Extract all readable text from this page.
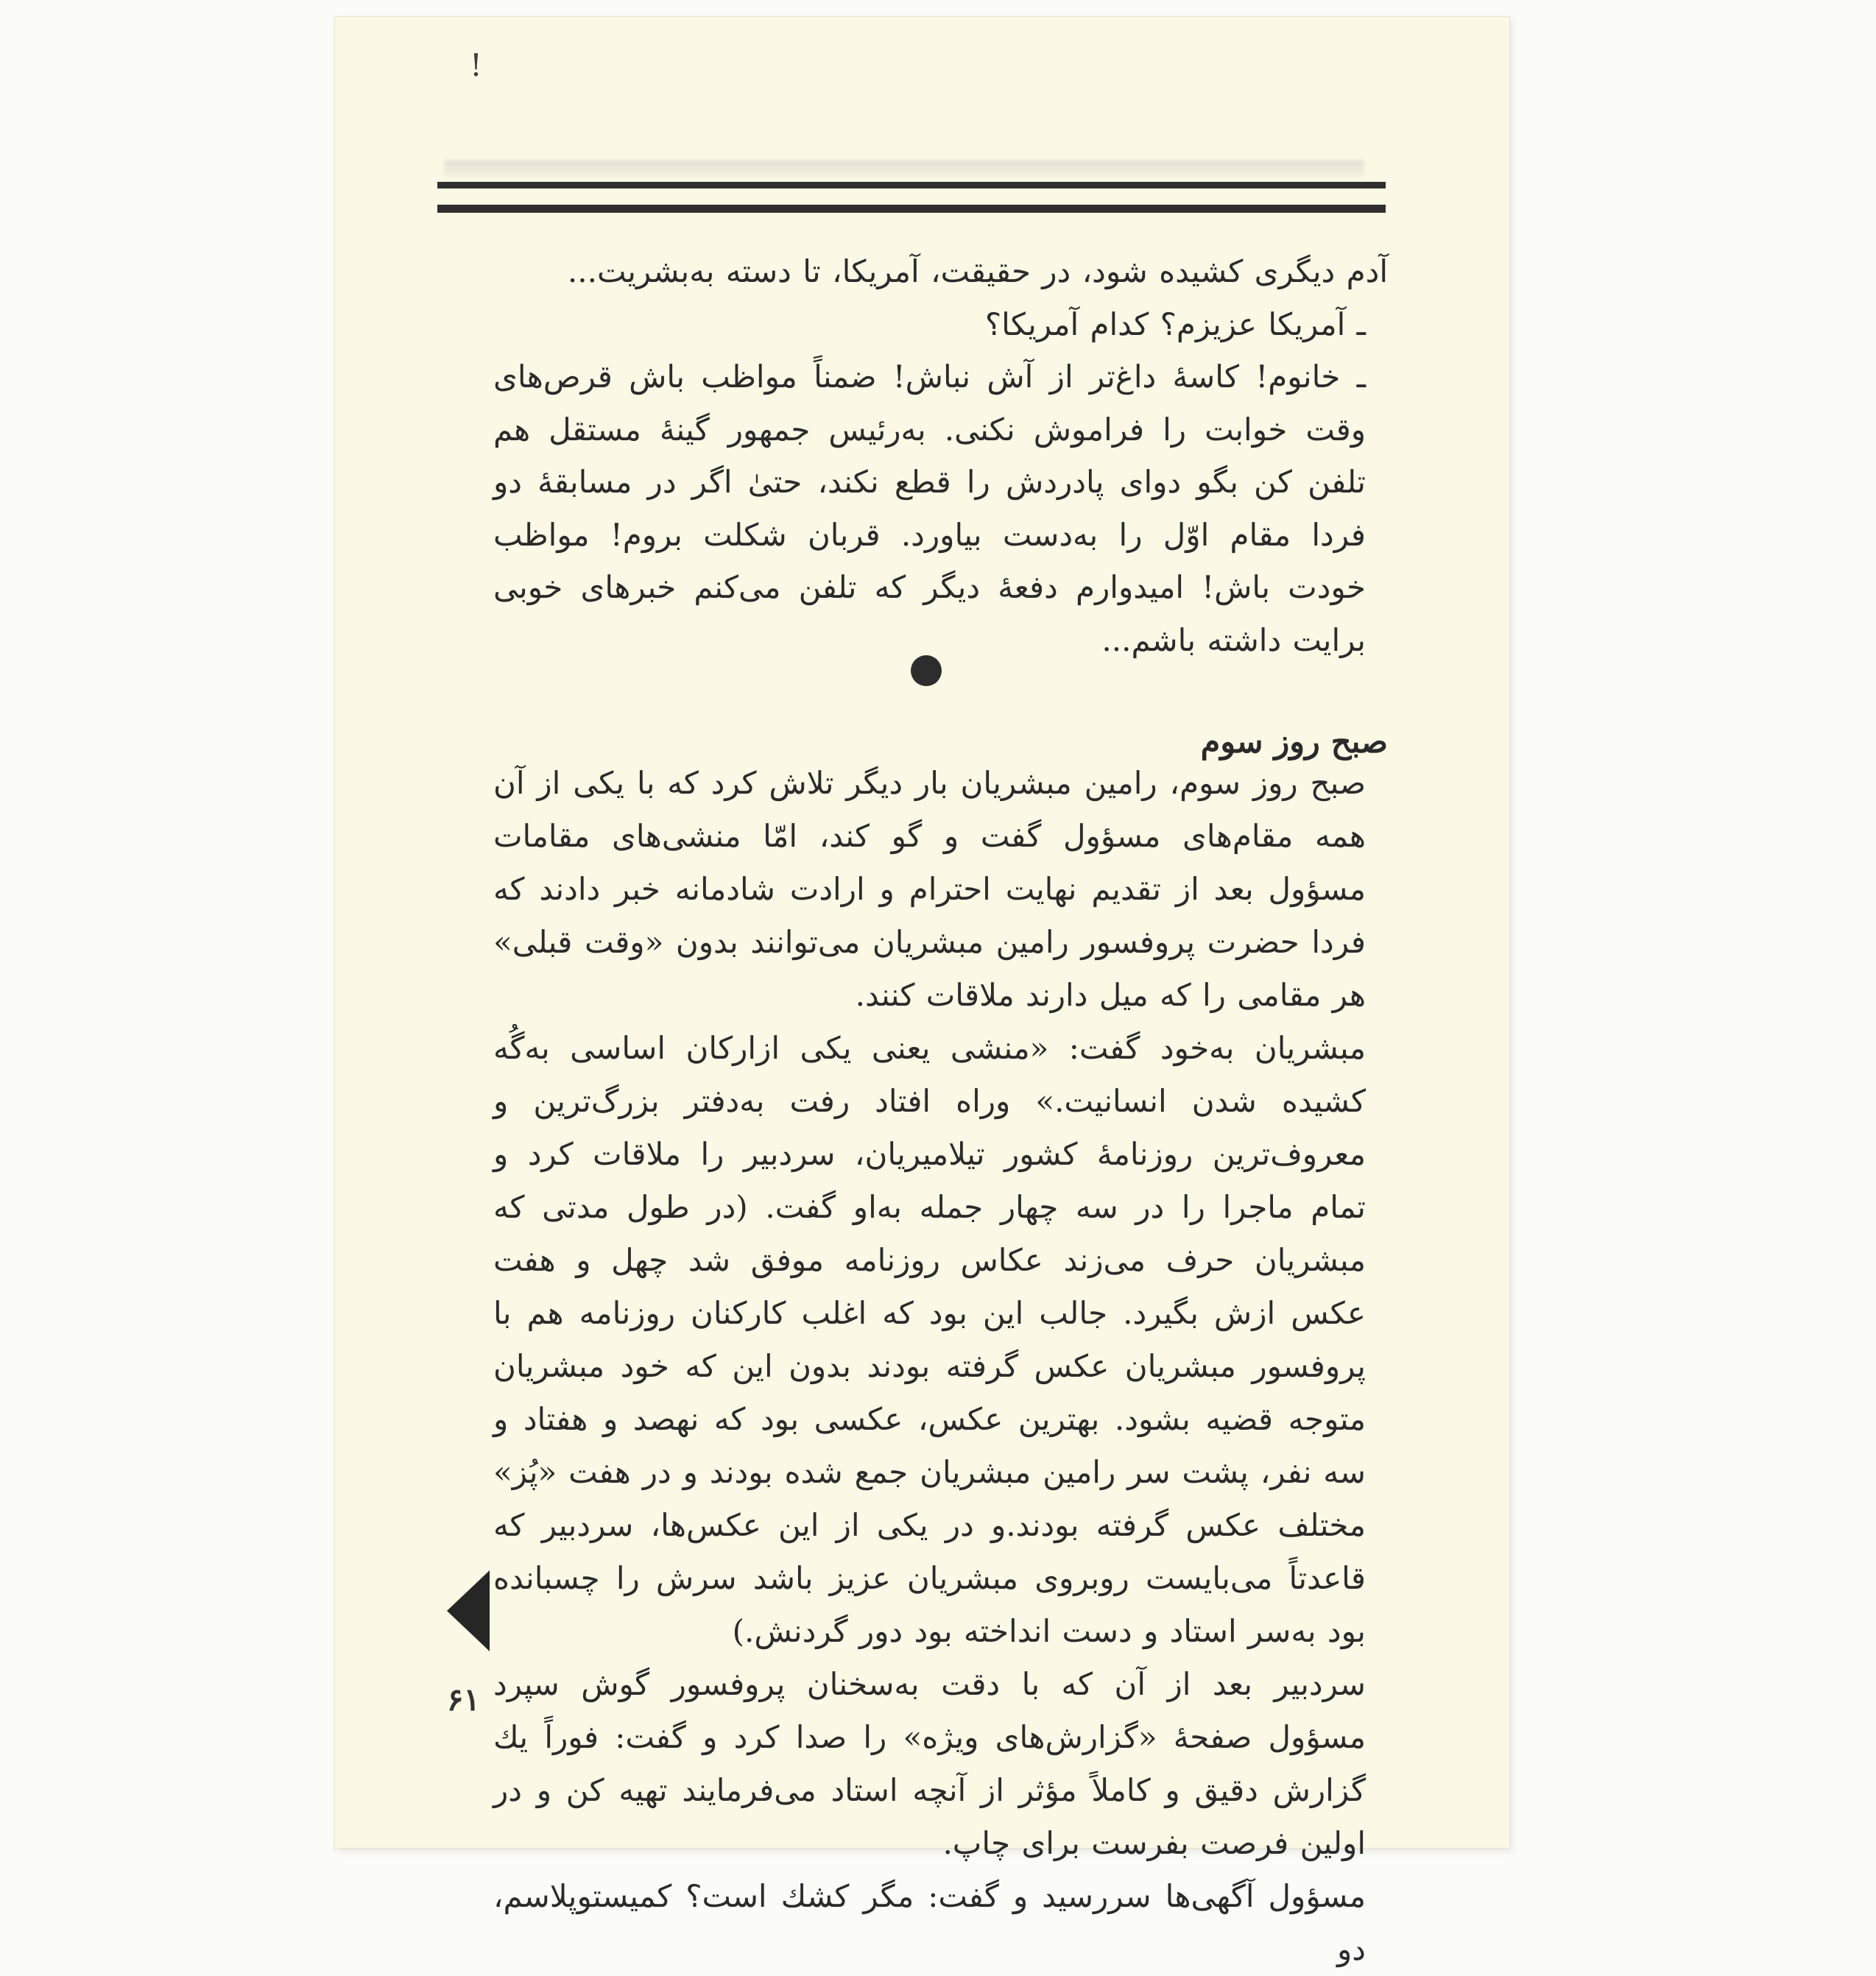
!

آدم دیگری کشیده شود، در حقیقت، آمریکا، تا دسته به‌بشریت...

ـ آمریکا عزیزم؟ کدام آمریکا؟

ـ خانوم! کاسهٔ داغ‌تر از آش نباش! ضمناً مواظب باش قرص‌های وقت خوابت را فراموش نکنی. به‌رئیس جمهور گینهٔ مستقل هم تلفن کن بگو دوای پادردش را قطع نکند، حتیٰ اگر در مسابقهٔ دو فردا مقام اوّل را به‌دست بیاورد. قربان شکلت بروم! مواظب خودت باش! امیدوارم دفعهٔ دیگر که تلفن می‌کنم خبرهای خوبی برایت داشته باشم...

صبح روز سوم

صبح روز سوم، رامین مبشریان بار دیگر تلاش کرد که با یکی از آن همه مقام‌های مسؤول گفت و گو کند، امّا منشی‌های مقامات مسؤول بعد از تقدیم نهایت احترام و ارادت شادمانه خبر دادند که فردا حضرت پروفسور رامین مبشریان می‌توانند بدون «وقت قبلی» هر مقامی را که میل دارند ملاقات کنند.

مبشریان به‌خود گفت: «منشی یعنی یکی ازارکان اساسی به‌گُه کشیده شدن انسانیت.» وراه افتاد رفت به‌دفتر بزرگ‌ترین و معروف‌ترین روزنامهٔ کشور تیلامیریان، سردبیر را ملاقات کرد و تمام ماجرا را در سه چهار جمله به‌او گفت. (در طول مدتی که مبشریان حرف می‌زند عکاس روزنامه موفق شد چهل و هفت عکس ازش بگیرد. جالب این بود که اغلب کارکنان روزنامه هم با پروفسور مبشریان عکس گرفته بودند بدون این که خود مبشریان متوجه قضیه بشود. بهترین عکس، عکسی بود که نهصد و هفتاد و سه نفر، پشت سر رامین مبشریان جمع شده بودند و در هفت «پُز» مختلف عکس گرفته بودند.و در یکی از این عکس‌ها، سردبیر که قاعدتاً می‌بایست روبروی مبشریان عزیز باشد سرش را چسبانده بود به‌سر استاد و دست انداخته بود دور گردنش.)

سردبیر بعد از آن که با دقت به‌سخنان پروفسور گوش سپرد مسؤول صفحهٔ «گزارش‌های ویژه» را صدا کرد و گفت: فوراً یك گزارش دقیق و کاملاً مؤثر از آنچه استاد می‌فرمایند تهیه کن و در اولین فرصت بفرست برای چاپ.

مسؤول آگهی‌ها سررسید و گفت: مگر کشك است؟ کمیستوپلاسم، دو

۶۱
